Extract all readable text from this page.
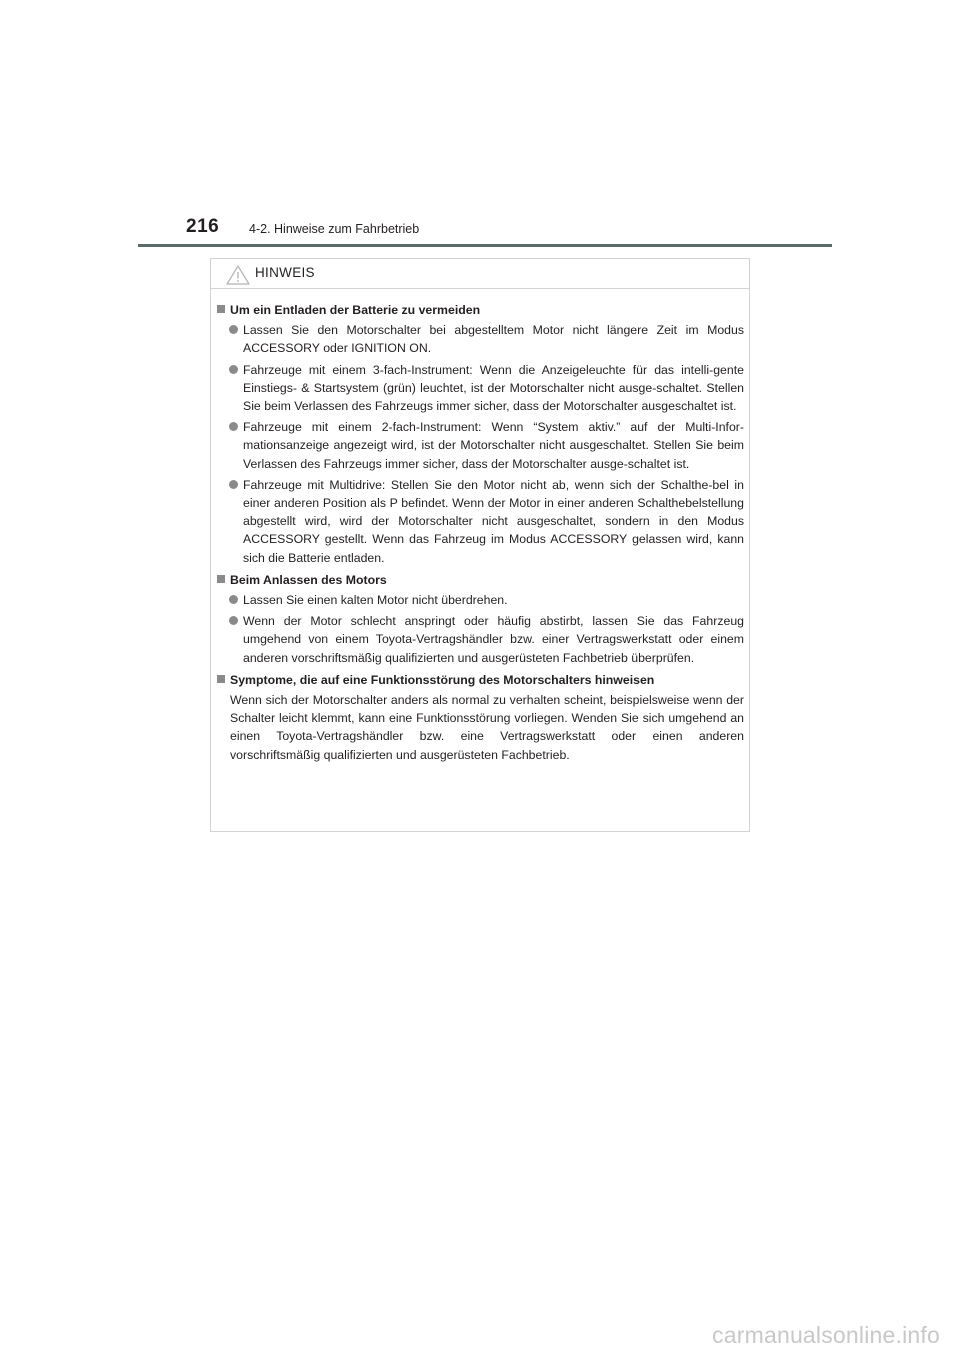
216 4-2. Hinweise zum Fahrbetrieb
HINWEIS
Um ein Entladen der Batterie zu vermeiden
Lassen Sie den Motorschalter bei abgestelltem Motor nicht längere Zeit im Modus ACCESSORY oder IGNITION ON.
Fahrzeuge mit einem 3-fach-Instrument: Wenn die Anzeigeleuchte für das intelli-gente Einstiegs- & Startsystem (grün) leuchtet, ist der Motorschalter nicht ausge-schaltet. Stellen Sie beim Verlassen des Fahrzeugs immer sicher, dass der Motorschalter ausgeschaltet ist.
Fahrzeuge mit einem 2-fach-Instrument: Wenn “System aktiv.” auf der Multi-Infor-mationsanzeige angezeigt wird, ist der Motorschalter nicht ausgeschaltet. Stellen Sie beim Verlassen des Fahrzeugs immer sicher, dass der Motorschalter ausge-schaltet ist.
Fahrzeuge mit Multidrive: Stellen Sie den Motor nicht ab, wenn sich der Schalthe-bel in einer anderen Position als P befindet. Wenn der Motor in einer anderen Schalthebelstellung abgestellt wird, wird der Motorschalter nicht ausgeschaltet, sondern in den Modus ACCESSORY gestellt. Wenn das Fahrzeug im Modus ACCESSORY gelassen wird, kann sich die Batterie entladen.
Beim Anlassen des Motors
Lassen Sie einen kalten Motor nicht überdrehen.
Wenn der Motor schlecht anspringt oder häufig abstirbt, lassen Sie das Fahrzeug umgehend von einem Toyota-Vertragshändler bzw. einer Vertragswerkstatt oder einem anderen vorschriftsmäßig qualifizierten und ausgerüsteten Fachbetrieb überprüfen.
Symptome, die auf eine Funktionsstörung des Motorschalters hinweisen
Wenn sich der Motorschalter anders als normal zu verhalten scheint, beispielsweise wenn der Schalter leicht klemmt, kann eine Funktionsstörung vorliegen. Wenden Sie sich umgehend an einen Toyota-Vertragshändler bzw. eine Vertragswerkstatt oder einen anderen vorschriftsmäßig qualifizierten und ausgerüsteten Fachbetrieb.
carmanualsonline.info
